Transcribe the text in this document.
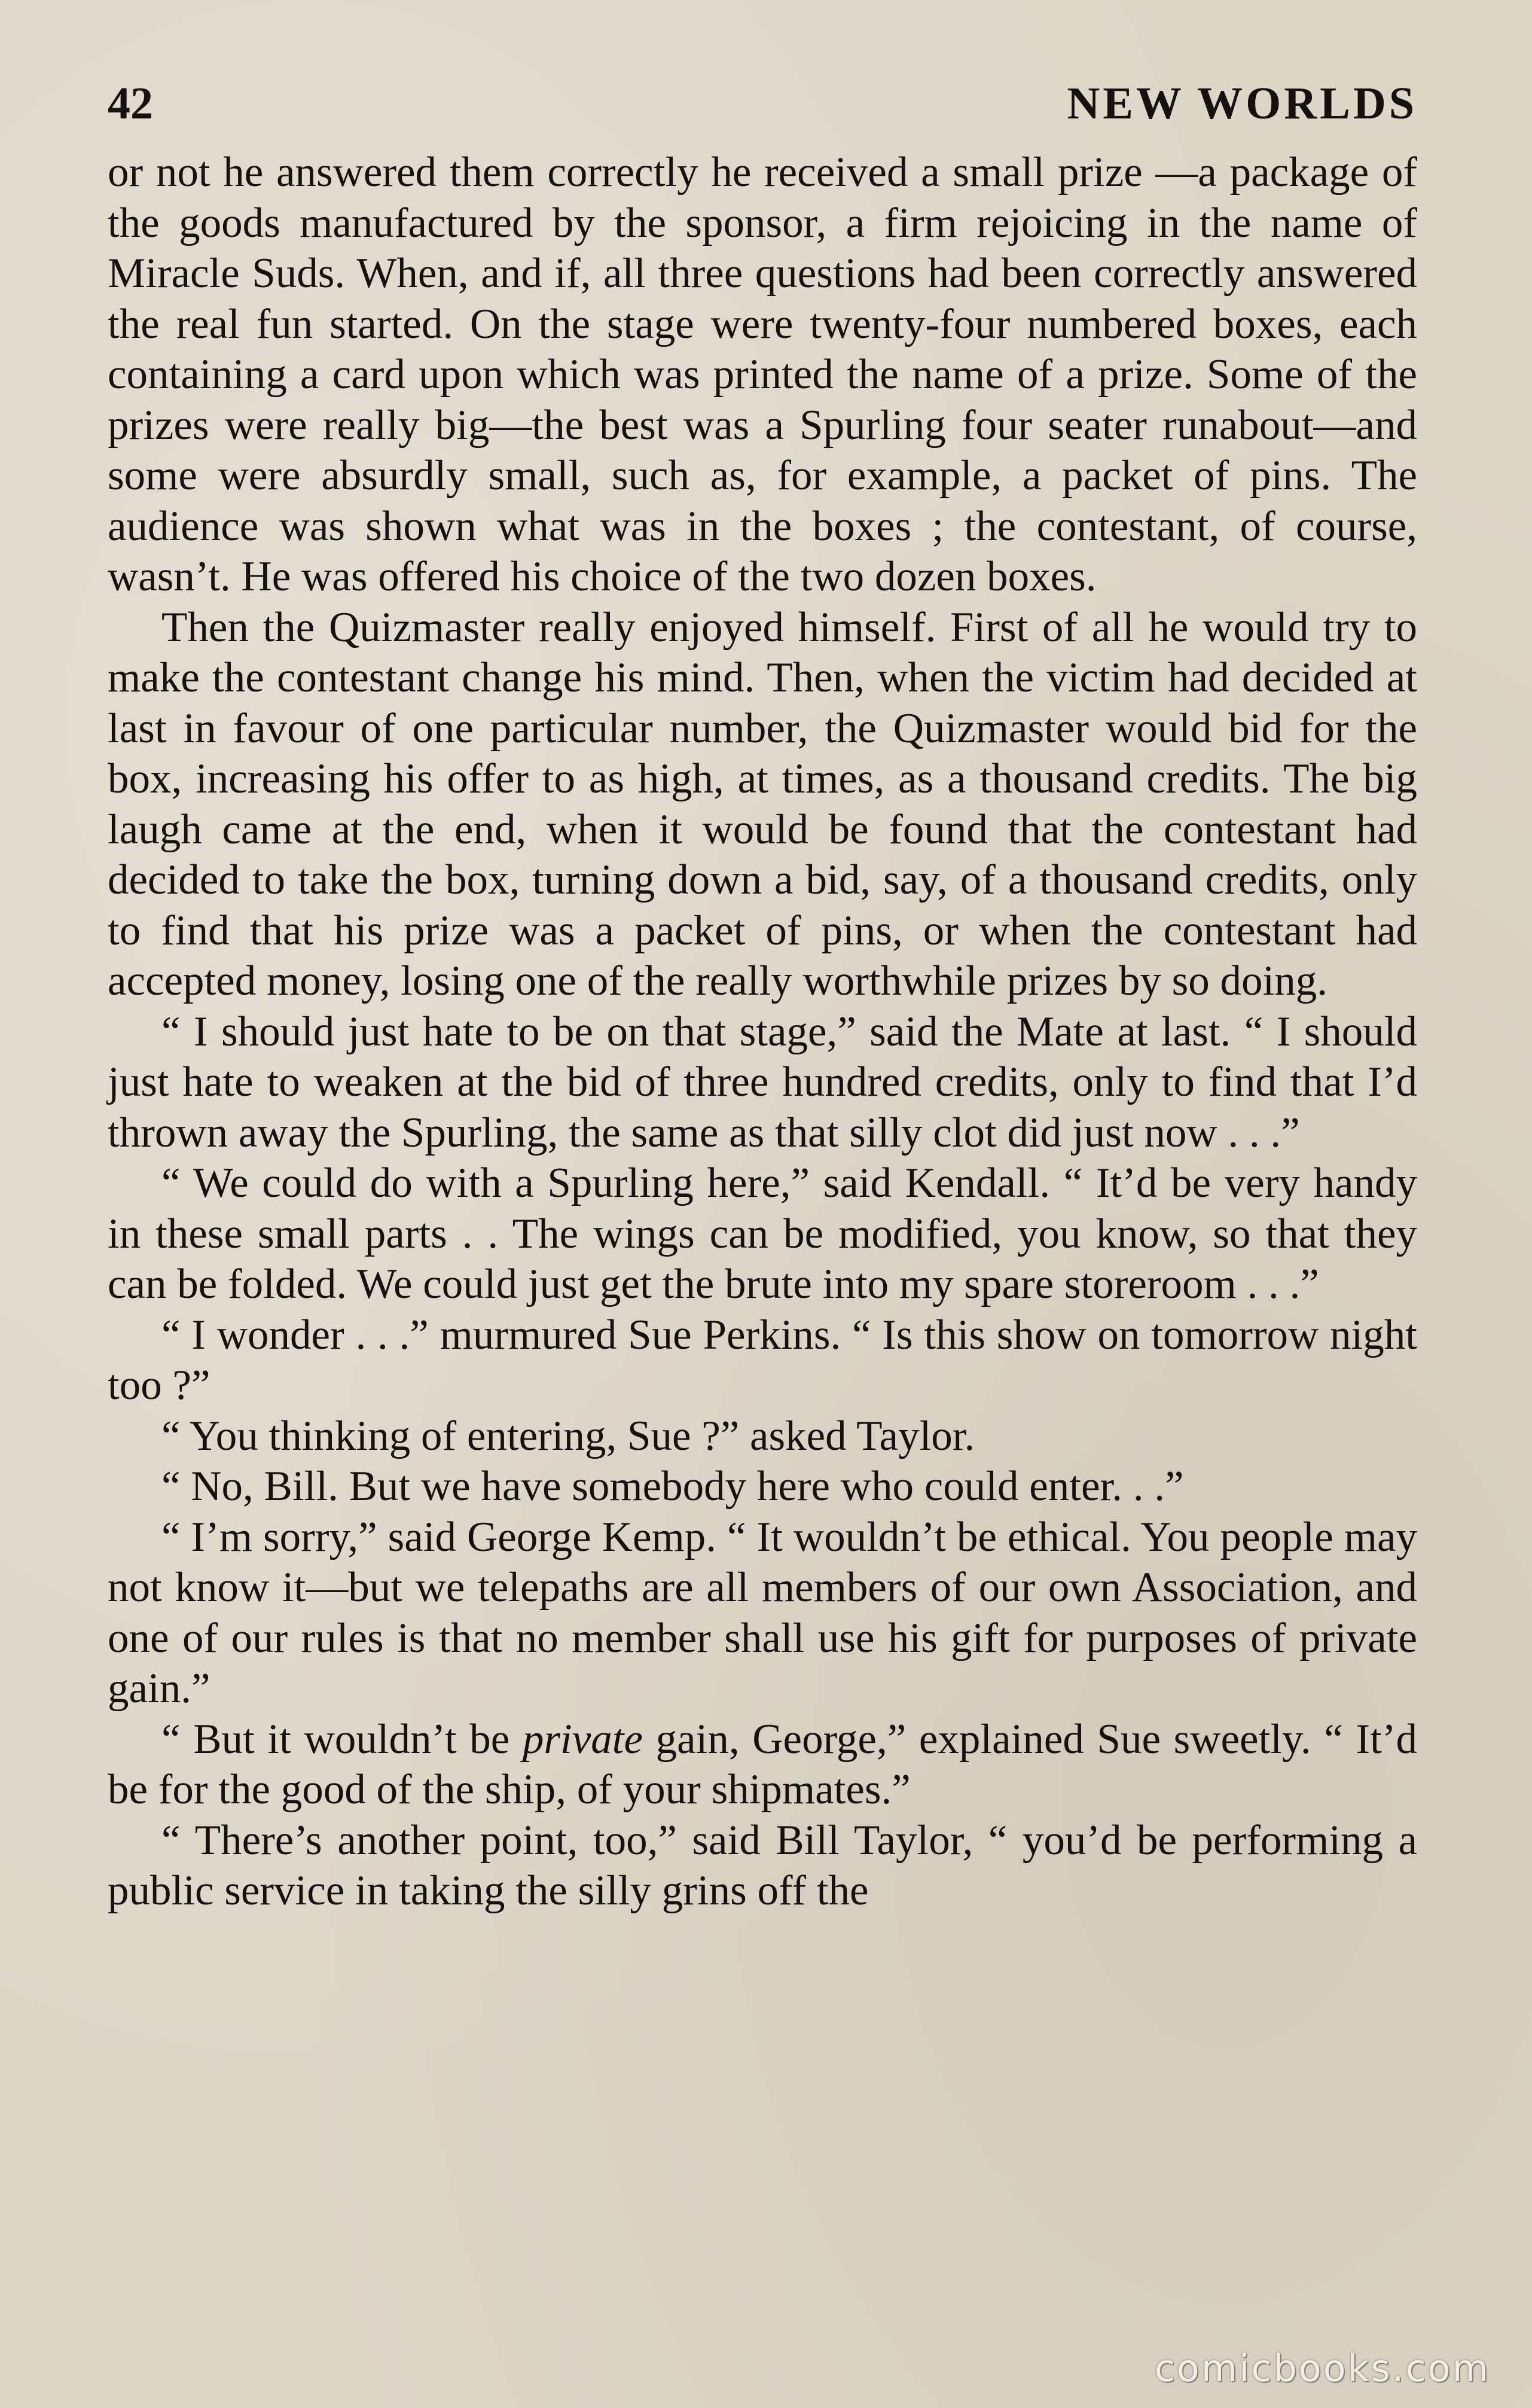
42	NEW WORLDS

or not he answered them correctly he received a small prize —a package of the goods manufactured by the sponsor, a firm rejoicing in the name of Miracle Suds. When, and if, all three questions had been correctly answered the real fun started. On the stage were twenty-four numbered boxes, each containing a card upon which was printed the name of a prize. Some of the prizes were really big—the best was a Spurling four seater runabout—and some were absurdly small, such as, for example, a packet of pins. The audience was shown what was in the boxes ; the contestant, of course, wasn’t. He was offered his choice of the two dozen boxes.

Then the Quizmaster really enjoyed himself. First of all he would try to make the contestant change his mind. Then, when the victim had decided at last in favour of one particular number, the Quizmaster would bid for the box, increasing his offer to as high, at times, as a thousand credits. The big laugh came at the end, when it would be found that the contestant had decided to take the box, turning down a bid, say, of a thousand credits, only to find that his prize was a packet of pins, or when the contestant had accepted money, losing one of the really worthwhile prizes by so doing.

“ I should just hate to be on that stage,” said the Mate at last. “ I should just hate to weaken at the bid of three hundred credits, only to find that I’d thrown away the Spurling, the same as that silly clot did just now . . .”

“ We could do with a Spurling here,” said Kendall. “ It’d be very handy in these small parts . . The wings can be modified, you know, so that they can be folded. We could just get the brute into my spare storeroom . . .”

“ I wonder . . .” murmured Sue Perkins. “ Is this show on tomorrow night too ?”

“ You thinking of entering, Sue ?” asked Taylor.

“ No, Bill. But we have somebody here who could enter. . .”

“ I’m sorry,” said George Kemp. “ It wouldn’t be ethical. You people may not know it—but we telepaths are all members of our own Association, and one of our rules is that no member shall use his gift for purposes of private gain.”

“ But it wouldn’t be private gain, George,” explained Sue sweetly. “ It’d be for the good of the ship, of your shipmates.”

“ There’s another point, too,” said Bill Taylor, “ you’d be performing a public service in taking the silly grins off the

comicbooks.com
